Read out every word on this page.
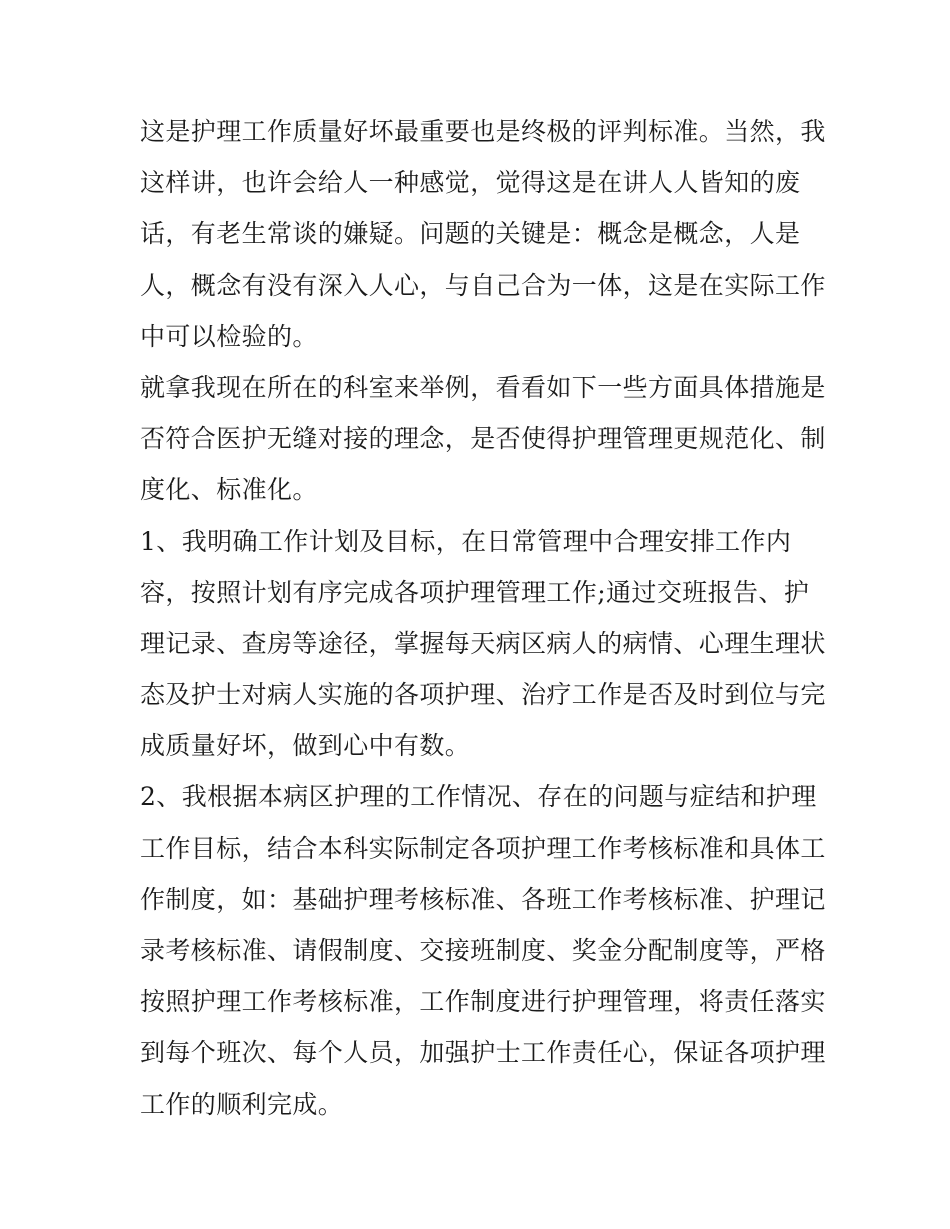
这是护理工作质量好坏最重要也是终极的评判标准。当然，我
这样讲，也许会给人一种感觉，觉得这是在讲人人皆知的废
话，有老生常谈的嫌疑。问题的关键是：概念是概念，人是
人，概念有没有深入人心，与自己合为一体，这是在实际工作
中可以检验的。
就拿我现在所在的科室来举例，看看如下一些方面具体措施是
否符合医护无缝对接的理念，是否使得护理管理更规范化、制
度化、标准化。
1、我明确工作计划及目标，在日常管理中合理安排工作内
容，按照计划有序完成各项护理管理工作;通过交班报告、护
理记录、查房等途径，掌握每天病区病人的病情、心理生理状
态及护士对病人实施的各项护理、治疗工作是否及时到位与完
成质量好坏，做到心中有数。
2、我根据本病区护理的工作情况、存在的问题与症结和护理
工作目标，结合本科实际制定各项护理工作考核标准和具体工
作制度，如：基础护理考核标准、各班工作考核标准、护理记
录考核标准、请假制度、交接班制度、奖金分配制度等，严格
按照护理工作考核标准，工作制度进行护理管理，将责任落实
到每个班次、每个人员，加强护士工作责任心，保证各项护理
工作的顺利完成。
